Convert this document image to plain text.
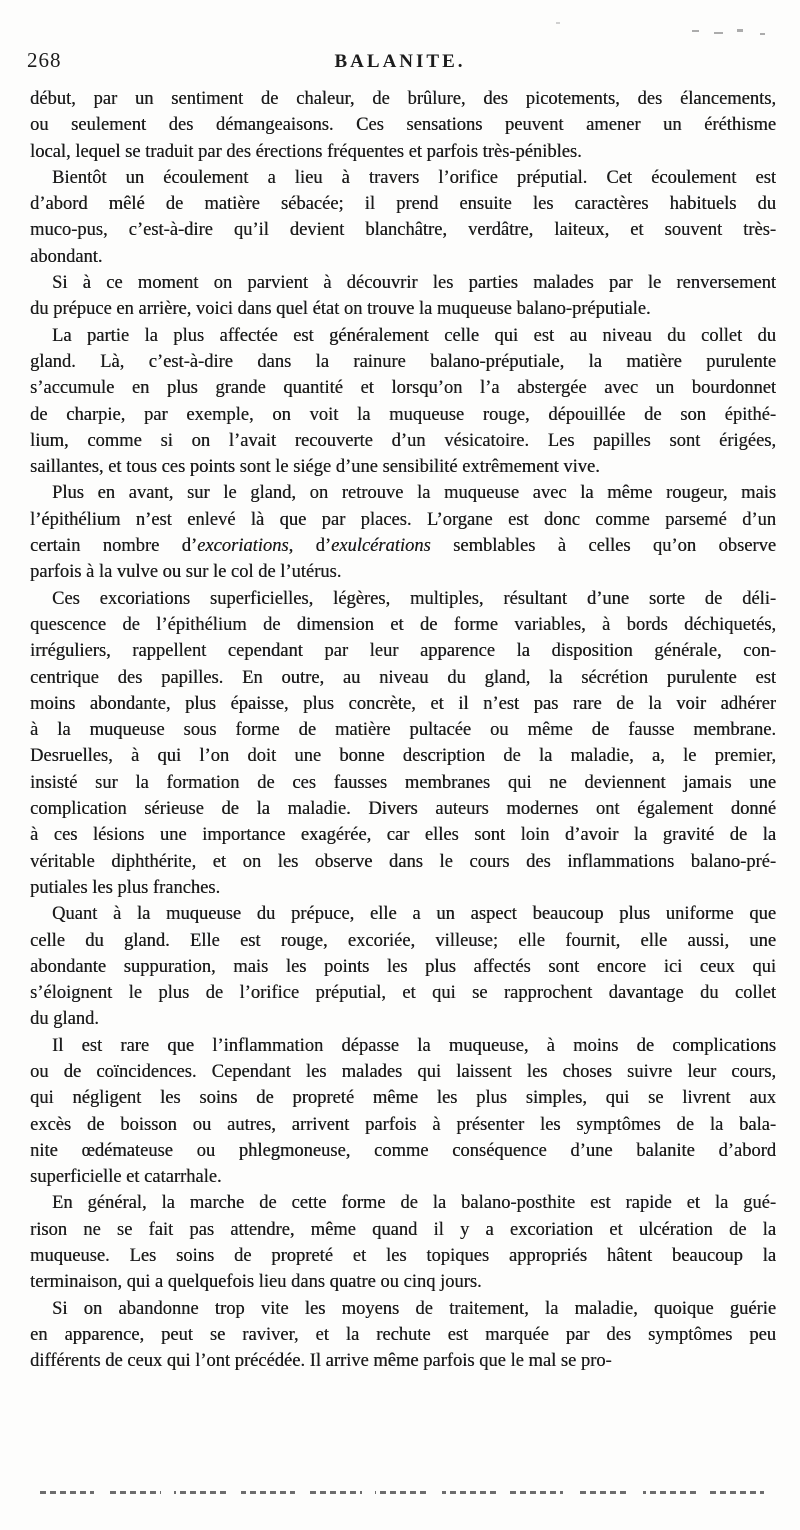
268	BALANITE.

début, par un sentiment de chaleur, de brûlure, des picotements, des élancements,
ou seulement des démangeaisons. Ces sensations peuvent amener un éréthisme
local, lequel se traduit par des érections fréquentes et parfois très-pénibles.

Bientôt un écoulement a lieu à travers l’orifice préputial. Cet écoulement est
d’abord mêlé de matière sébacée; il prend ensuite les caractères habituels du
muco-pus, c’est-à-dire qu’il devient blanchâtre, verdâtre, laiteux, et souvent très-
abondant.

Si à ce moment on parvient à découvrir les parties malades par le renversement
du prépuce en arrière, voici dans quel état on trouve la muqueuse balano-préputiale.

La partie la plus affectée est généralement celle qui est au niveau du collet du
gland. Là, c’est-à-dire dans la rainure balano-préputiale, la matière purulente
s’accumule en plus grande quantité et lorsqu’on l’a abstergée avec un bourdonnet
de charpie, par exemple, on voit la muqueuse rouge, dépouillée de son épithé-
lium, comme si on l’avait recouverte d’un vésicatoire. Les papilles sont érigées,
saillantes, et tous ces points sont le siége d’une sensibilité extrêmement vive.

Plus en avant, sur le gland, on retrouve la muqueuse avec la même rougeur, mais
l’épithélium n’est enlevé là que par places. L’organe est donc comme parsemé d’un
certain nombre d’excoriations, d’exulcérations semblables à celles qu’on observe
parfois à la vulve ou sur le col de l’utérus.

Ces excoriations superficielles, légères, multiples, résultant d’une sorte de déli-
quescence de l’épithélium de dimension et de forme variables, à bords déchiquetés,
irréguliers, rappellent cependant par leur apparence la disposition générale, con-
centrique des papilles. En outre, au niveau du gland, la sécrétion purulente est
moins abondante, plus épaisse, plus concrète, et il n’est pas rare de la voir adhérer
à la muqueuse sous forme de matière pultacée ou même de fausse membrane.
Desruelles, à qui l’on doit une bonne description de la maladie, a, le premier,
insisté sur la formation de ces fausses membranes qui ne deviennent jamais une
complication sérieuse de la maladie. Divers auteurs modernes ont également donné
à ces lésions une importance exagérée, car elles sont loin d’avoir la gravité de la
véritable diphthérite, et on les observe dans le cours des inflammations balano-pré-
putiales les plus franches.

Quant à la muqueuse du prépuce, elle a un aspect beaucoup plus uniforme que
celle du gland. Elle est rouge, excoriée, villeuse; elle fournit, elle aussi, une
abondante suppuration, mais les points les plus affectés sont encore ici ceux qui
s’éloignent le plus de l’orifice préputial, et qui se rapprochent davantage du collet
du gland.

Il est rare que l’inflammation dépasse la muqueuse, à moins de complications
ou de coïncidences. Cependant les malades qui laissent les choses suivre leur cours,
qui négligent les soins de propreté même les plus simples, qui se livrent aux
excès de boisson ou autres, arrivent parfois à présenter les symptômes de la bala-
nite œdémateuse ou phlegmoneuse, comme conséquence d’une balanite d’abord
superficielle et catarrhale.

En général, la marche de cette forme de la balano-posthite est rapide et la gué-
rison ne se fait pas attendre, même quand il y a excoriation et ulcération de la
muqueuse. Les soins de propreté et les topiques appropriés hâtent beaucoup la
terminaison, qui a quelquefois lieu dans quatre ou cinq jours.

Si on abandonne trop vite les moyens de traitement, la maladie, quoique guérie
en apparence, peut se raviver, et la rechute est marquée par des symptômes peu
différents de ceux qui l’ont précédée. Il arrive même parfois que le mal se pro-
